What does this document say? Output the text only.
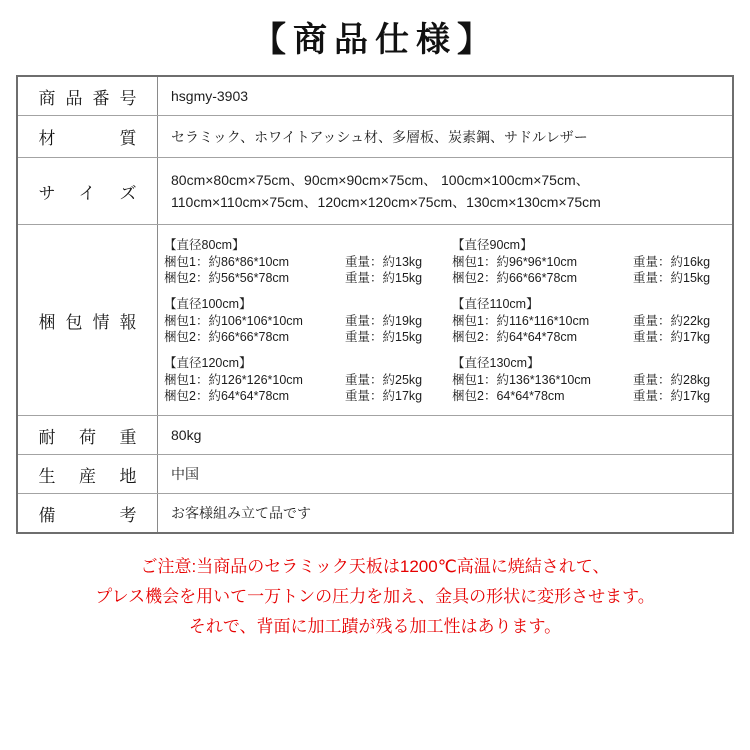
【商品仕様】
商品番号 hsgmy-3903
材質 セラミック、ホワイトアッシュ材、多層板、炭素鋼、サドルレザー
サイズ
80cm×80cm×75cm、90cm×90cm×75cm、 100cm×100cm×75cm、
110cm×110cm×75cm、120cm×120cm×75cm、130cm×130cm×75cm
梱包情報
【直径80cm】
梱包1：約86*86*10cm	重量：約13kg
梱包2：約56*56*78cm	重量：約15kg
【直径90cm】
梱包1：約96*96*10cm	重量：約16kg
梱包2：約66*66*78cm	重量：約15kg
【直径100cm】
梱包1：約106*106*10cm	重量：約19kg
梱包2：約66*66*78cm	重量：約15kg
【直径110cm】
梱包1：約116*116*10cm	重量：約22kg
梱包2：約64*64*78cm	重量：約17kg
【直径120cm】
梱包1：約126*126*10cm	重量：約25kg
梱包2：約64*64*78cm	重量：約17kg
【直径130cm】
梱包1：約136*136*10cm	重量：約28kg
梱包2：64*64*78cm	重量：約17kg
耐荷重 80kg
生産地 中国
備考 お客様組み立て品です
ご注意:当商品のセラミック天板は1200℃高温に焼結されて、
プレス機会を用いて一万トンの圧力を加え、金具の形状に変形させます。
それで、背面に加工蹟が残る加工性はあります。
